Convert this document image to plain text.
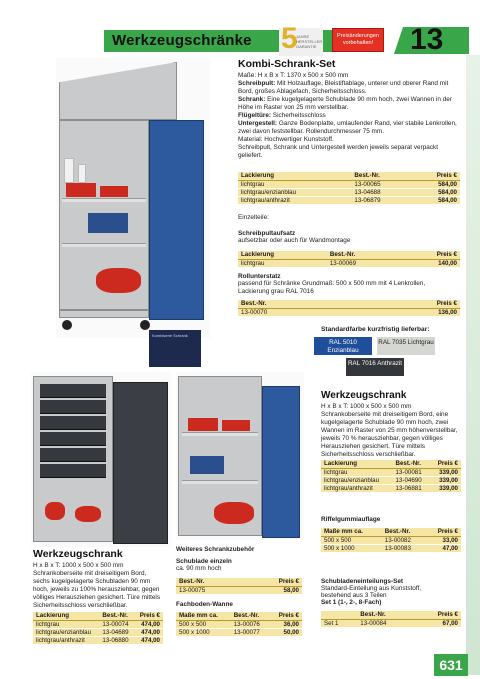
Werkzeugschränke 5
JAHRE HERSTELLER GARANTIE
Preisänderungen vorbehalten!	13
Kombiserie Schrank
Kombi-Schrank-Set
Maße: H x B x T: 1370 x 500 x 500 mm
Schreibpult: Mit Holzauflage, Bleistiftablage, unterer und oberer Rand mit Bord, großes Ablagefach, Sicherheitsschloss.
Schrank: Eine kugelgelagerte Schublade 90 mm hoch, zwei Wannen in der Höhe im Raster von 25 mm verstellbar.
Flügeltüre: Sicherheitsschloss
Untergestell: Ganze Bodenplatte, umlaufender Rand, vier stabile Lenkrollen, zwei davon feststellbar. Rollendurchmesser 75 mm.
Material: Hochwertiger Kunststoff.
Schreibpult, Schrank und Untergestell werden jeweils separat verpackt geliefert.
Lackierung	Best.-Nr.	Preis €
lichtgrau	13-00065	584,00
lichtgrau/enzianblau	13-04688	584,00
lichtgrau/anthrazit	13-06879	584,00
Einzelteile:
Schreibpultaufsatz
aufsetzbar oder auch für Wandmontage
Lackierung	Best.-Nr.	Preis €
lichtgrau	13-00069	140,00
Rollunterstatz
passend für Schränke Grundmaß: 500 x 500 mm mit 4 Lenkrollen, Lackierung grau RAL 7016
Best.-Nr.	Preis €
13-00070	136,00
Standardfarbe kurzfristig lieferbar:
RAL 5010 Enzianblau
RAL 7035 Lichtgrau
RAL 7016 Anthrazit
Werkzeugschrank
H x B x T: 1000 x 500 x 500 mm Schrankoberseite mit dreiseitigem Bord, eine kugelgelagerte Schublade 90 mm hoch, zwei Wannen im Raster von 25 mm höhenverstellbar, jeweils 70 % herausziehbar, gegen völliges Herausziehen gesichert. Türe mittels Sicherheitsschloss verschließbar.
Lackierung	Best.-Nr.	Preis €
lichtgrau	13-00081	339,00
lichtgrau/enzianblau	13-04690	339,00
lichtgrau/anthrazit	13-06881	339,00
Riffelgummiauflage
Maße mm ca.	Best.-Nr.	Preis €
500 x 500	13-00082	33,00
500 x 1000	13-00083	47,00
Schubladeneinteilungs-Set
Standard-Einteilung aus Kunststoff,
bestehend aus 3 Teilen
Set 1 (1-, 2-, 8-Fach)
	Best.-Nr.	Preis €
Set 1	13-00084	67,00
Werkzeugschrank
H x B x T: 1000 x 500 x 500 mm Schrankoberseite mit dreiseitigem Bord, sechs kugelgelagerte Schubladen 90 mm hoch, jeweils zu 100% herausziehbar, gegen völliges Herausziehen gesichert. Türe mittels Sicherheitsschloss verschließbar.
Lackierung	Best.-Nr.	Preis €
lichtgrau	13-00074	474,00
lichtgrau/enzianblau	13-04689	474,00
lichtgrau/anthrazit	13-06880	474,00
Weiteres Schrankzubehör
Schublade einzeln
ca. 90 mm hoch
Best.-Nr.	Preis €
13-00075	58,00
Fachboden-Wanne
Maße mm ca.	Best.-Nr.	Preis €
500 x 500	13-00076	36,00
500 x 1000	13-00077	50,00
631
